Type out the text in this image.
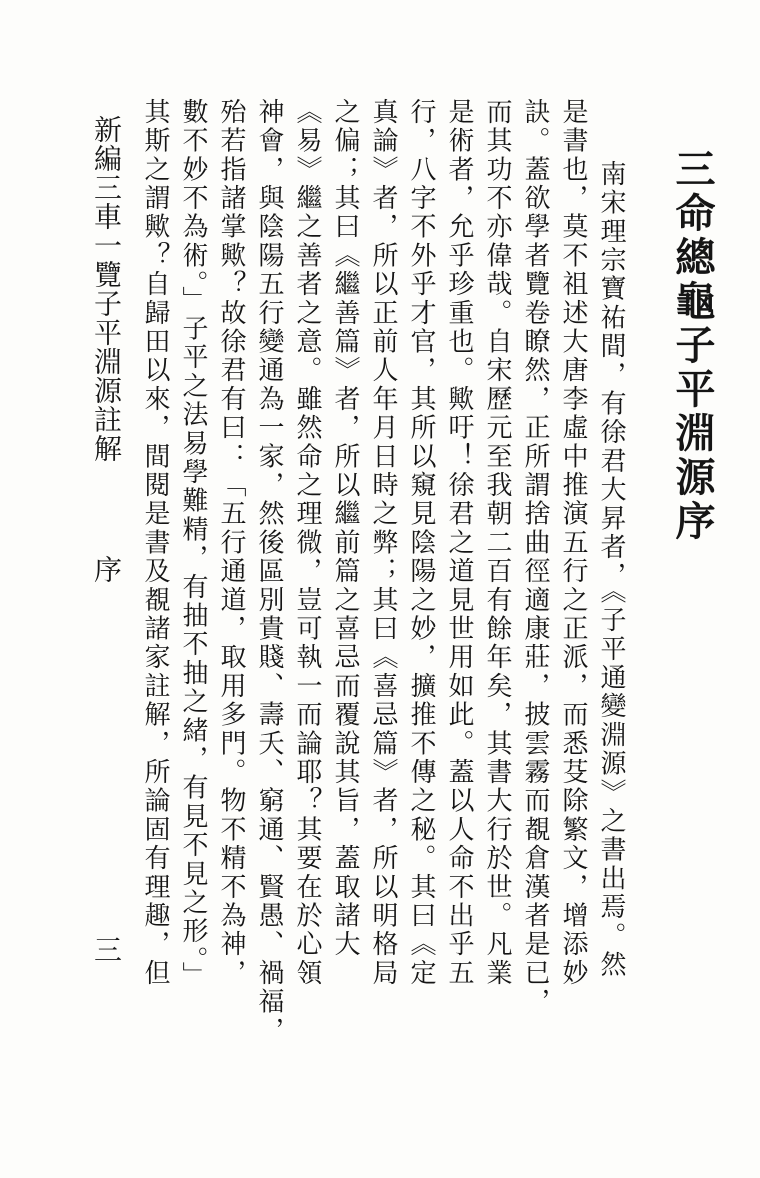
三命總龜子平淵源序
南宋理宗寶祐間，有徐君大昇者，《子平通變淵源》之書出焉。然
是書也，莫不祖述大唐李虛中推演五行之正派，而悉芟除繁文，增添妙
訣。蓋欲學者覽卷瞭然，正所謂捨曲徑適康莊，披雲霧而覩倉漢者是已，
而其功不亦偉哉。自宋歷元至我朝二百有餘年矣，其書大行於世。凡業
是術者，允乎珍重也。歟吁！徐君之道見世用如此。蓋以人命不出乎五
行，八字不外乎才官，其所以窺見陰陽之妙，擴推不傳之秘。其曰《定
真論》者，所以正前人年月日時之弊；其曰《喜忌篇》者，所以明格局
之偏；其曰《繼善篇》者，所以繼前篇之喜忌而覆說其旨，蓋取諸大
《易》繼之善者之意。雖然命之理微，豈可執一而論耶？其要在於心領
神會，與陰陽五行變通為一家，然後區別貴賤、壽夭、窮通、賢愚、禍福，
殆若指諸掌歟？故徐君有曰：「五行通道，取用多門。物不精不為神，
數不妙不為術。」子平之法易學難精，有抽不抽之緒，有見不見之形。」
新編三車一覽子平淵源註解
序
三 其斯之謂歟？自歸田以來，間閱是書及覩諸家註解，所論固有理趣，但
